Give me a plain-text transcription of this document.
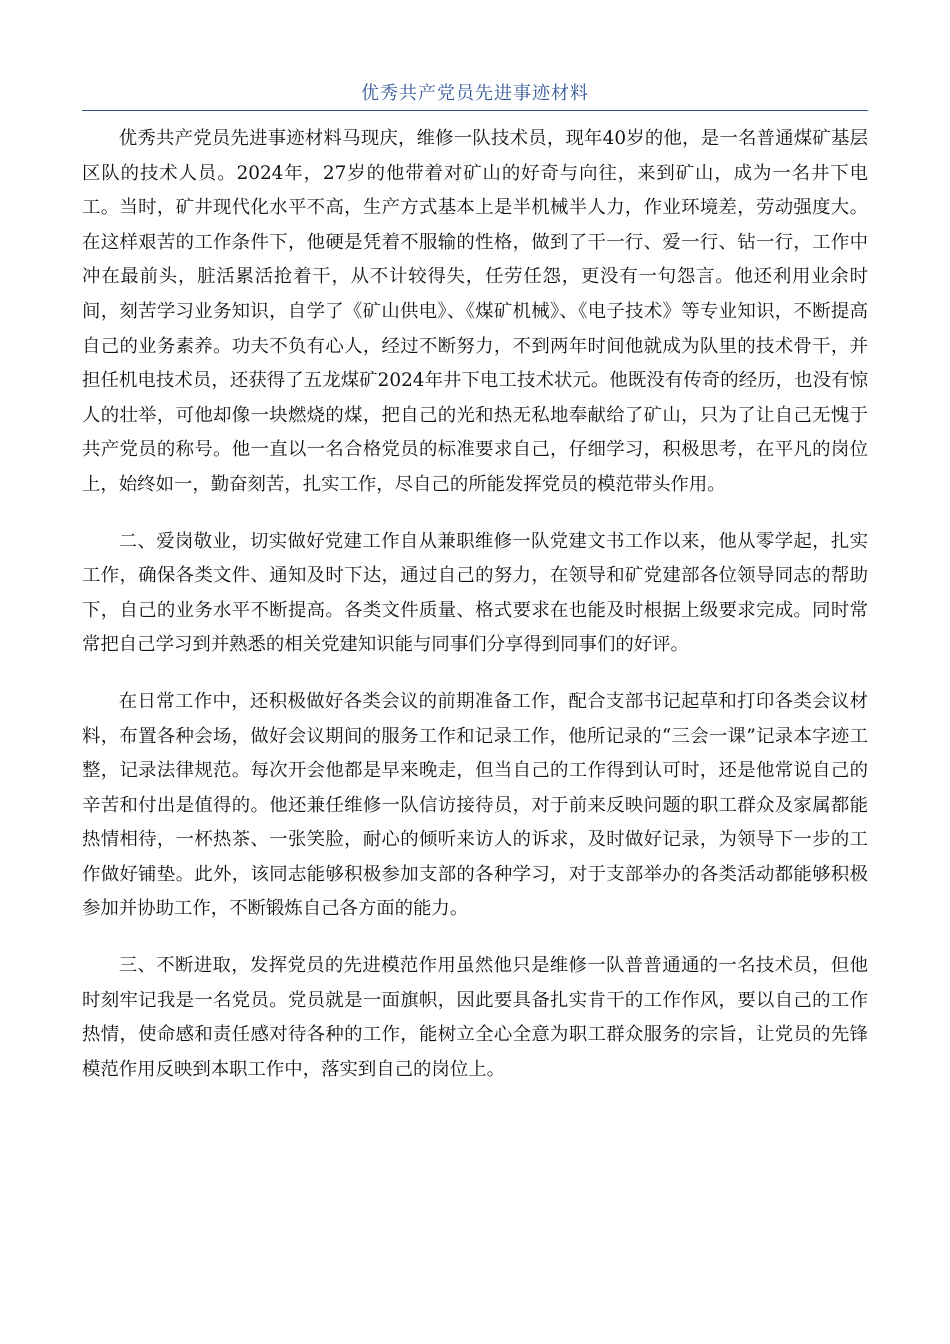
优秀共产党员先进事迹材料

优秀共产党员先进事迹材料马现庆，维修一队技术员，现年40岁的他，是一名普通煤矿基层区队的技术人员。2024年，27岁的他带着对矿山的好奇与向往，来到矿山，成为一名井下电工。当时，矿井现代化水平不高，生产方式基本上是半机械半人力，作业环境差，劳动强度大。在这样艰苦的工作条件下，他硬是凭着不服输的性格，做到了干一行、爱一行、钻一行，工作中冲在最前头，脏活累活抢着干，从不计较得失，任劳任怨，更没有一句怨言。他还利用业余时间，刻苦学习业务知识，自学了《矿山供电》、《煤矿机械》、《电子技术》等专业知识，不断提高自己的业务素养。功夫不负有心人，经过不断努力，不到两年时间他就成为队里的技术骨干，并担任机电技术员，还获得了五龙煤矿2024年井下电工技术状元。他既没有传奇的经历，也没有惊人的壮举，可他却像一块燃烧的煤，把自己的光和热无私地奉献给了矿山，只为了让自己无愧于共产党员的称号。他一直以一名合格党员的标准要求自己，仔细学习，积极思考，在平凡的岗位上，始终如一，勤奋刻苦，扎实工作，尽自己的所能发挥党员的模范带头作用。

二、爱岗敬业，切实做好党建工作自从兼职维修一队党建文书工作以来，他从零学起，扎实工作，确保各类文件、通知及时下达，通过自己的努力，在领导和矿党建部各位领导同志的帮助下，自己的业务水平不断提高。各类文件质量、格式要求在也能及时根据上级要求完成。同时常常把自己学习到并熟悉的相关党建知识能与同事们分享得到同事们的好评。

在日常工作中，还积极做好各类会议的前期准备工作，配合支部书记起草和打印各类会议材料，布置各种会场，做好会议期间的服务工作和记录工作，他所记录的“三会一课”记录本字迹工整，记录法律规范。每次开会他都是早来晚走，但当自己的工作得到认可时，还是他常说自己的辛苦和付出是值得的。他还兼任维修一队信访接待员，对于前来反映问题的职工群众及家属都能热情相待，一杯热茶、一张笑脸，耐心的倾听来访人的诉求，及时做好记录，为领导下一步的工作做好铺垫。此外，该同志能够积极参加支部的各种学习，对于支部举办的各类活动都能够积极参加并协助工作，不断锻炼自己各方面的能力。

三、不断进取，发挥党员的先进模范作用虽然他只是维修一队普普通通的一名技术员，但他时刻牢记我是一名党员。党员就是一面旗帜，因此要具备扎实肯干的工作作风，要以自己的工作热情，使命感和责任感对待各种的工作，能树立全心全意为职工群众服务的宗旨，让党员的先锋模范作用反映到本职工作中，落实到自己的岗位上。
